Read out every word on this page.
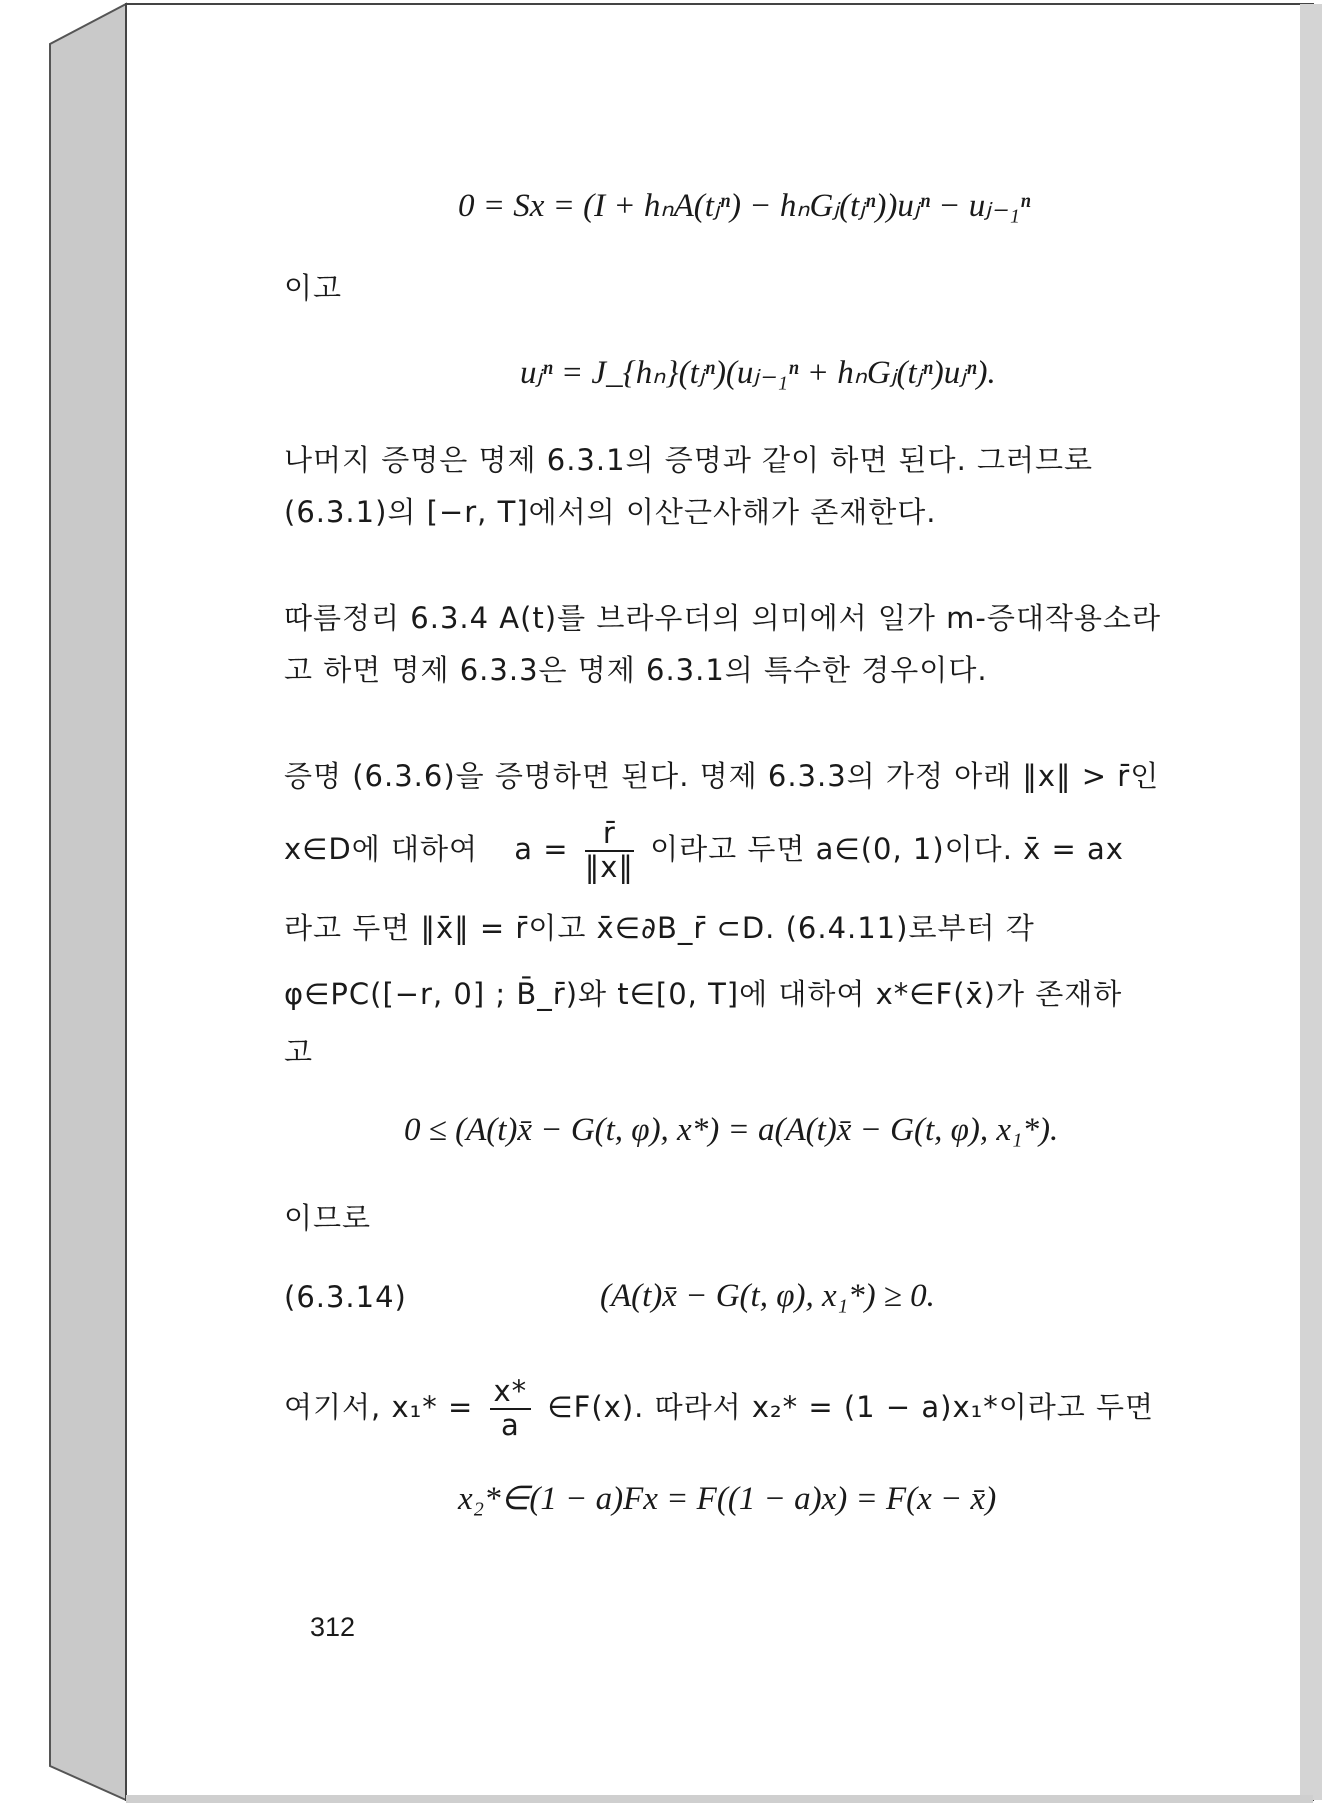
0 = Sx = (I + hₙA(tⱼⁿ) − hₙGⱼ(tⱼⁿ))uⱼⁿ − uⱼ₋₁ⁿ
이고
uⱼⁿ = J_{hₙ}(tⱼⁿ)(uⱼ₋₁ⁿ + hₙGⱼ(tⱼⁿ)uⱼⁿ).
나머지 증명은 명제 6.3.1의 증명과 같이 하면 된다. 그러므로
(6.3.1)의 [−r, T]에서의 이산근사해가 존재한다.
따름정리 6.3.4 A(t)를 브라우더의 의미에서 일가 m-증대작용소라
고 하면 명제 6.3.3은 명제 6.3.1의 특수한 경우이다.
증명 (6.3.6)을 증명하면 된다. 명제 6.3.3의 가정 아래 ‖x‖ > r̄인
x∈D에 대하여 $a = \frac{r̄}{‖x‖}$ 이라고 두면 a∈(0, 1)이다. x̄ = ax
라고 두면 ‖x̄‖ = r̄이고 x̄∈∂B_r̄ ⊂D. (6.4.11)로부터 각
φ∈PC([−r, 0] ; B̄_r̄)와 t∈[0, T]에 대하여 x*∈F(x̄)가 존재하
고
0 ≤ (A(t)x̄ − G(t, φ), x*) = a(A(t)x̄ − G(t, φ), x₁*).
이므로
(6.3.14)	(A(t)x̄ − G(t, φ), x₁*) ≥ 0.
여기서, $x_1* = \frac{x*}{a}$ ∈F(x). 따라서 x₂* = (1 − a)x₁*이라고 두면
x₂*∈(1 − a)Fx = F((1 − a)x) = F(x − x̄)
312
